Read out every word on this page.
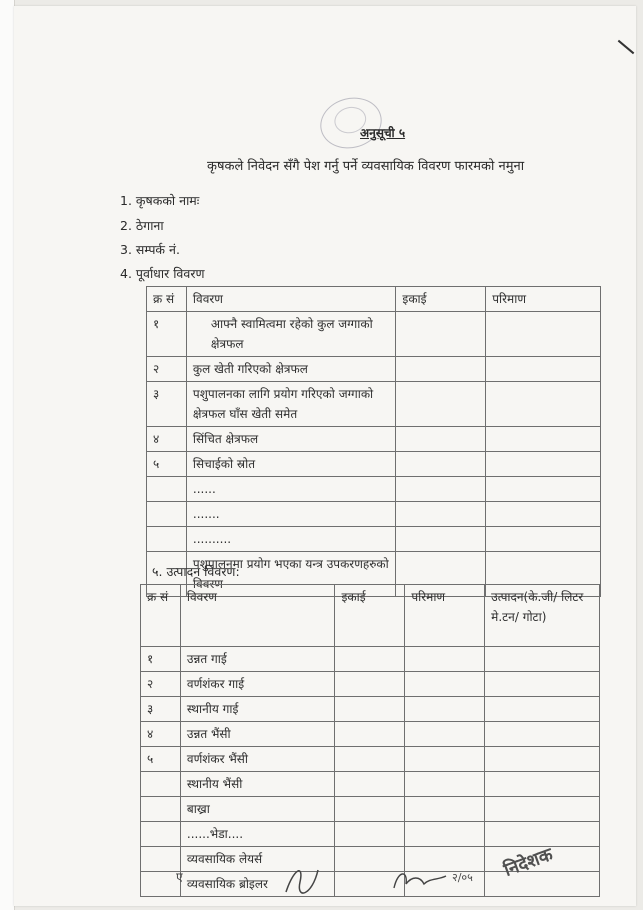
अनुसूची ५
कृषकले निवेदन सँगै पेश गर्नु पर्ने व्यवसायिक विवरण फारमको नमुना
1. कृषकको नामः
2. ठेगाना
3. सम्पर्क नं.
4. पूर्वाधार विवरण
क्र सं	विवरण	इकाई	परिमाण
१	आफ्नै स्वामित्वमा रहेको कुल जग्गाको क्षेत्रफल		
२	कुल खेती गरिएको क्षेत्रफल		
३	पशुपालनका लागि प्रयोग गरिएको जग्गाको क्षेत्रफल घाँस खेती समेत		
४	सिंचित क्षेत्रफल		
५	सिचाईको स्रोत		
	......		
	.......		
	..........		
	पशुपालनमा प्रयोग भएका यन्त्र उपकरणहरुको विवरण		
५. उत्पादन विवरण:
क्र सं	विवरण	इकाई	परिमाण	उत्पादन(के.जी/ लिटर मे.टन/ गोटा)
१	उन्नत गाई			
२	वर्णशंकर गाई			
३	स्थानीय गाई			
४	उन्नत भैंसी			
५	वर्णशंकर भैंसी			
	स्थानीय भैंसी			
	बाख्रा			
	......भेडा....			
	व्यवसायिक लेयर्स			
	व्यवसायिक ब्रोइलर			
ए	२/०५ निदेशक
